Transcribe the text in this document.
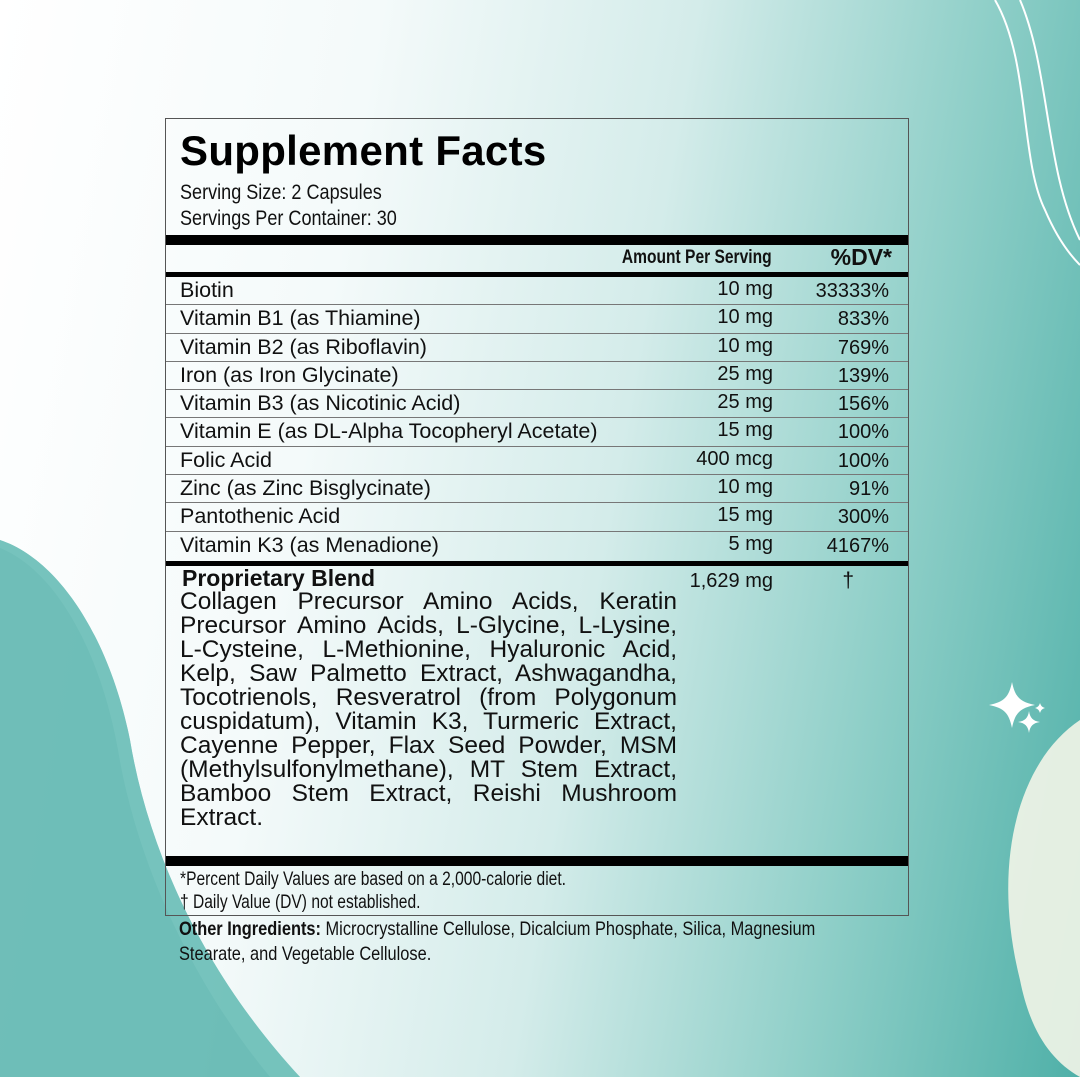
Supplement Facts
Serving Size: 2 Capsules
Servings Per Container: 30
Amount Per Serving	%DV*
Biotin	10 mg 33333%
Vitamin B1 (as Thiamine)	10 mg	833%
Vitamin B2 (as Riboflavin)	10 mg	769%
Iron (as Iron Glycinate)	25 mg	139%
Vitamin B3 (as Nicotinic Acid)	25 mg	156%
Vitamin E (as DL-Alpha Tocopheryl Acetate)	15 mg	100%
Folic Acid	400 mcg	100%
Zinc (as Zinc Bisglycinate)	10 mg	91%
Pantothenic Acid	15 mg	300%
Vitamin K3 (as Menadione)	5 mg	4167%
Proprietary Blend	1,629 mg	†

Collagen Precursor Amino Acids, Keratin Precursor Amino Acids, L-Glycine, L-Lysine, L-Cysteine, L-Methionine, Hyaluronic Acid, Kelp, Saw Palmetto Extract, Ashwagandha, Tocotrienols, Resveratrol (from Polygonum cuspidatum), Vitamin K3, Turmeric Extract, Cayenne Pepper, Flax Seed Powder, MSM (Methylsulfonylmethane), MT Stem Extract, Bamboo Stem Extract, Reishi Mushroom Extract.

*Percent Daily Values are based on a 2,000-calorie diet.
† Daily Value (DV) not established.

Other Ingredients: Microcrystalline Cellulose, Dicalcium Phosphate, Silica, Magnesium Stearate, and Vegetable Cellulose.
